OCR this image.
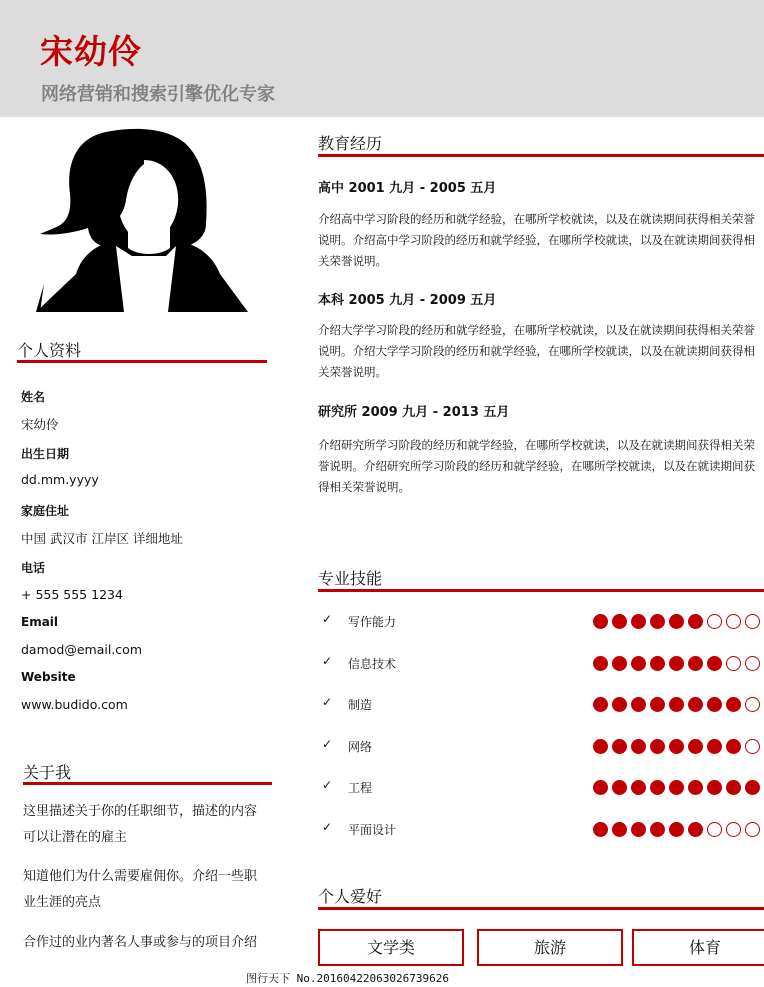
宋幼伶
网络营销和搜索引擎优化专家
个人资料
姓名
宋幼伶
出生日期
dd.mm.yyyy
家庭住址
中国 武汉市 江岸区 详细地址
电话
+ 555 555 1234
Email
damod@email.com
Website
www.budido.com
关于我
这里描述关于你的任职细节，描述的内容可以让潜在的雇主
知道他们为什么需要雇佣你。介绍一些职业生涯的亮点
合作过的业内著名人事或参与的项目介绍
教育经历
高中 2001 九月 - 2005 五月
介绍高中学习阶段的经历和就学经验，在哪所学校就读，以及在就读期间获得相关荣誉说明。介绍高中学习阶段的经历和就学经验，在哪所学校就读，以及在就读期间获得相关荣誉说明。
本科 2005 九月 - 2009 五月
介绍大学学习阶段的经历和就学经验，在哪所学校就读，以及在就读期间获得相关荣誉说明。介绍大学学习阶段的经历和就学经验，在哪所学校就读，以及在就读期间获得相关荣誉说明。
研究所 2009 九月 - 2013 五月
介绍研究所学习阶段的经历和就学经验，在哪所学校就读，以及在就读期间获得相关荣誉说明。介绍研究所学习阶段的经历和就学经验，在哪所学校就读，以及在就读期间获得相关荣誉说明。
专业技能
✓ 写作能力
✓ 信息技术
✓ 制造
✓ 网络
✓ 工程
✓ 平面设计
个人爱好
文学类	旅游	体育
图行天下 No.20160422063026739626
